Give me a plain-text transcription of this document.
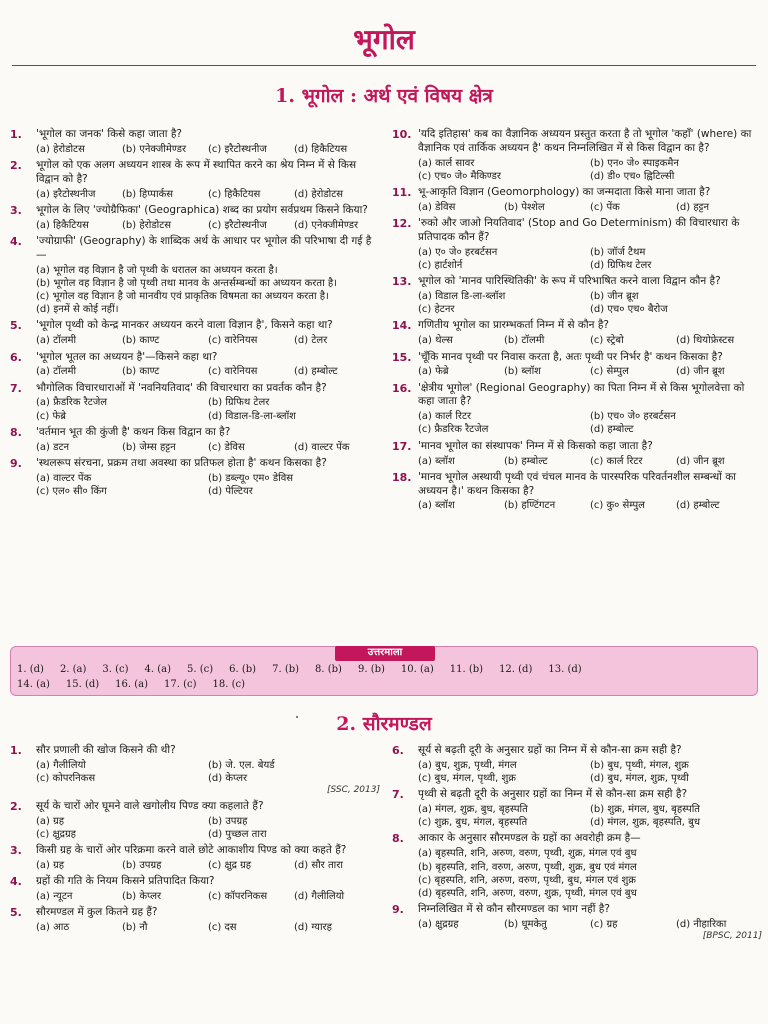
भूगोल
1. भूगोल : अर्थ एवं विषय क्षेत्र
1.	'भूगोल का जनक' किसे कहा जाता है?
(a) हेरोडोटस	(b) एनेक्जीमेण्डर	(c) इरैटोस्थनीज	(d) हिकैटियस
2.	भूगोल को एक अलग अध्ययन शास्त्र के रूप में स्थापित करने का श्रेय निम्न में से किस विद्वान को है?
(a) इरैटोस्थनीज	(b) हिप्पार्कस	(c) हिकैटियस	(d) हेरोडोटस
3.	भूगोल के लिए 'ज्योग्रैफिका' (Geographica) शब्द का प्रयोग सर्वप्रथम किसने किया?
(a) हिकैटियस	(b) हेरोडोटस	(c) इरैटोस्थनीज	(d) एनेक्जीमेण्डर
4.	'ज्योग्राफी' (Geography) के शाब्दिक अर्थ के आधार पर भूगोल की परिभाषा दी गई है—
(a) भूगोल वह विज्ञान है जो पृथ्वी के धरातल का अध्ययन करता है।
(b) भूगोल वह विज्ञान है जो पृथ्वी तथा मानव के अन्तर्सम्बन्धों का अध्ययन करता है।
(c) भूगोल वह विज्ञान है जो मानवीय एवं प्राकृतिक विषमता का अध्ययन करता है।
(d) इनमें से कोई नहीं।
5.	'भूगोल पृथ्वी को केन्द्र मानकर अध्ययन करने वाला विज्ञान है', किसने कहा था?
(a) टॉलमी	(b) काण्ट	(c) वारेनियस	(d) टेलर
6.	'भूगोल भूतल का अध्ययन है'—किसने कहा था?
(a) टॉलमी	(b) काण्ट	(c) वारेनियस	(d) हम्बोल्ट
7.	भौगोलिक विचारधाराओं में 'नवनियतिवाद' की विचारधारा का प्रवर्तक कौन है?
(a) फ्रैडरिक रैटजेल	(b) ग्रिफिथ टेलर
(c) फेब्रे	(d) विडाल-डि-ला-ब्लॉश
8.	'वर्तमान भूत की कुंजी है' कथन किस विद्वान का है?
(a) डटन	(b) जेम्स हट्टन	(c) डेविस	(d) वाल्टर पेंक
9.	'स्थलरूप संरचना, प्रक्रम तथा अवस्था का प्रतिफल होता है' कथन किसका है?
(a) वाल्टर पेंक	(b) डब्ल्यू० एम० डेविस
(c) एल० सी० किंग	(d) पेल्टियर
10. 'यदि इतिहास' कब का वैज्ञानिक अध्ययन प्रस्तुत करता है तो भूगोल 'कहाँ' (where) का वैज्ञानिक एवं तार्किक अध्ययन है' कथन निम्नलिखित में से किस विद्वान का है?
(a) कार्ल सावर	(b) एन० जे० स्पाइकमैन
(c) एच० जे० मैकिण्डर	(d) डी० एच० ह्विटिल्सी
11. भू-आकृति विज्ञान (Geomorphology) का जन्मदाता किसे माना जाता है?
(a) डेविस	(b) पेश्शेल	(c) पेंक	(d) हट्टन
12. 'रुको और जाओ नियतिवाद' (Stop and Go Determinism) की विचारधारा के प्रतिपादक कौन हैं?
(a) ए० जे० हरबर्टसन	(b) जॉर्ज टैथम
(c) हार्टशोर्न	(d) ग्रिफिथ टेलर
13. भूगोल को 'मानव पारिस्थितिकी' के रूप में परिभाषित करने वाला विद्वान कौन है?
(a) विडाल डि-ला-ब्लॉश	(b) जीन ब्रूश
(c) हेटनर	(d) एच० एच० बैरोज
14. गणितीय भूगोल का प्रारम्भकर्ता निम्न में से कौन है?
(a) थेल्स	(b) टॉलमी	(c) स्ट्रेबो	(d) थियोफ्रेस्टस
15. 'चूँकि मानव पृथ्वी पर निवास करता है, अतः पृथ्वी पर निर्भर है' कथन किसका है?
(a) फेब्रे	(b) ब्लॉश	(c) सेम्पुल	(d) जीन ब्रूश
16. 'क्षेत्रीय भूगोल' (Regional Geography) का पिता निम्न में से किस भूगोलवेत्ता को कहा जाता है?
(a) कार्ल रिटर	(b) एच० जे० हरबर्टसन
(c) फ्रैडरिक रैटजेल	(d) हम्बोल्ट
17. 'मानव भूगोल का संस्थापक' निम्न में से किसको कहा जाता है?
(a) ब्लॉश	(b) हम्बोल्ट	(c) कार्ल रिटर	(d) जीन ब्रूश
18. 'मानव भूगोल अस्थायी पृथ्वी एवं चंचल मानव के पारस्परिक परिवर्तनशील सम्बन्धों का अध्ययन है।' कथन किसका है?
(a) ब्लॉश	(b) हण्टिंगटन	(c) कु० सेम्पुल	(d) हम्बोल्ट
उत्तरमाला
1. (d) 2. (a) 3. (c) 4. (a) 5. (c) 6. (b) 7. (b) 8. (b) 9. (b) 10. (a) 11. (b) 12. (d) 13. (d)
14. (a) 15. (d) 16. (a) 17. (c) 18. (c)
2. सौरमण्डल
1.	सौर प्रणाली की खोज किसने की थी?
(a) गैलीलियो	(b) जे. एल. बेयर्ड
(c) कोपरनिकस	(d) केप्लर
[SSC, 2013]
2.	सूर्य के चारों ओर घूमने वाले खगोलीय पिण्ड क्या कहलाते हैं?
(a) ग्रह	(b) उपग्रह
(c) क्षुद्रग्रह	(d) पुच्छल तारा
3.	किसी ग्रह के चारों ओर परिक्रमा करने वाले छोटे आकाशीय पिण्ड को क्या कहते हैं?
(a) ग्रह	(b) उपग्रह	(c) क्षुद्र ग्रह	(d) सौर तारा
4.	ग्रहों की गति के नियम किसने प्रतिपादित किया?
(a) न्यूटन	(b) केप्लर	(c) कॉपरनिकस	(d) गैलीलियो
5.	सौरमण्डल में कुल कितने ग्रह हैं?
(a) आठ	(b) नौ	(c) दस	(d) ग्यारह
6.	सूर्य से बढ़ती दूरी के अनुसार ग्रहों का निम्न में से कौन-सा क्रम सही है?
(a) बुध, शुक्र, पृथ्वी, मंगल	(b) बुध, पृथ्वी, मंगल, शुक्र
(c) बुध, मंगल, पृथ्वी, शुक्र	(d) बुध, मंगल, शुक्र, पृथ्वी
7.	पृथ्वी से बढ़ती दूरी के अनुसार ग्रहों का निम्न में से कौन-सा क्रम सही है?
(a) मंगल, शुक्र, बुध, बृहस्पति	(b) शुक्र, मंगल, बुध, बृहस्पति
(c) शुक्र, बुध, मंगल, बृहस्पति	(d) मंगल, शुक्र, बृहस्पति, बुध
8.	आकार के अनुसार सौरमण्डल के ग्रहों का अवरोही क्रम है—
(a) बृहस्पति, शनि, अरुण, वरुण, पृथ्वी, शुक्र, मंगल एवं बुध
(b) बृहस्पति, शनि, वरुण, अरुण, पृथ्वी, शुक्र, बुध एवं मंगल
(c) बृहस्पति, शनि, अरुण, वरुण, पृथ्वी, बुध, मंगल एवं शुक्र
(d) बृहस्पति, शनि, अरुण, वरुण, शुक्र, पृथ्वी, मंगल एवं बुध
9.	निम्नलिखित में से कौन सौरमण्डल का भाग नहीं है?
(a) क्षुद्रग्रह	(b) धूमकेतु	(c) ग्रह	(d) नीहारिका
[BPSC, 2011]
